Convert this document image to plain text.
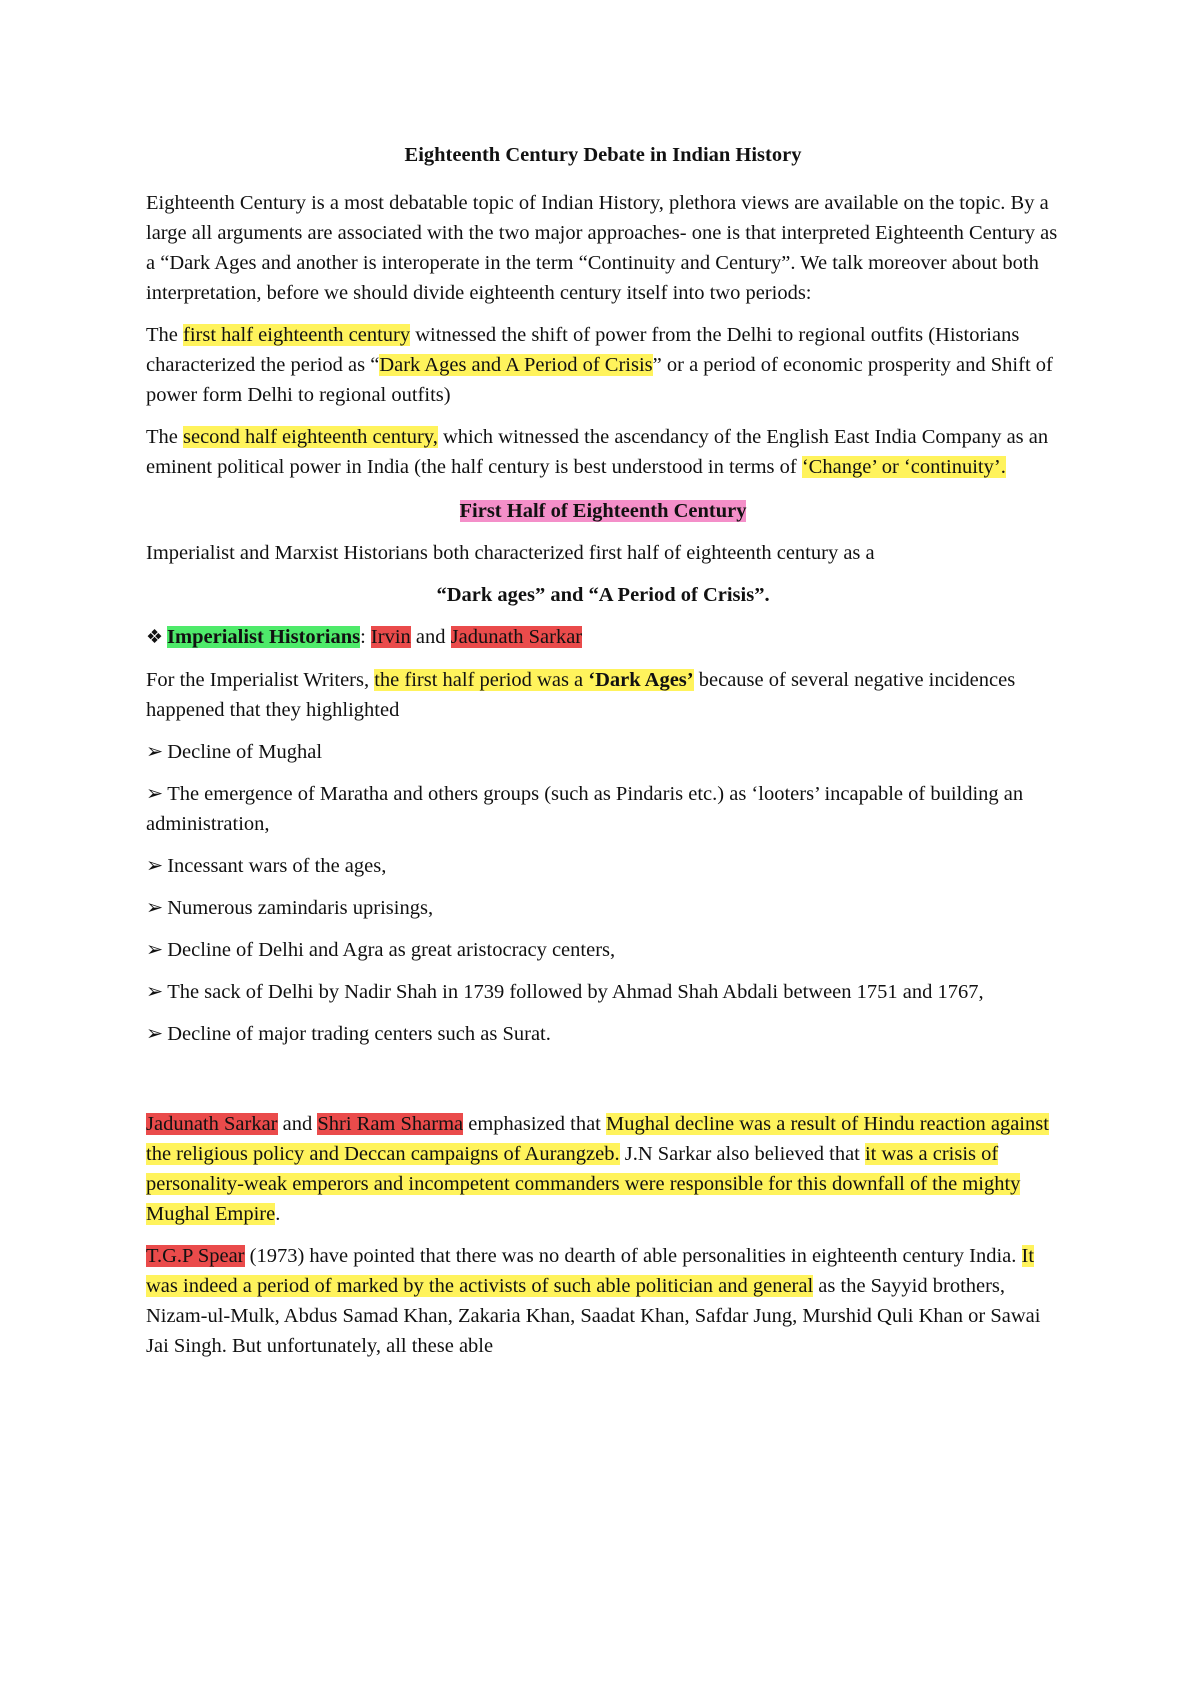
Eighteenth Century Debate in Indian History

Eighteenth Century is a most debatable topic of Indian History, plethora views are available on the topic. By a large all arguments are associated with the two major approaches- one is that interpreted Eighteenth Century as a “Dark Ages and another is interoperate in the term “Continuity and Century”. We talk moreover about both interpretation, before we should divide eighteenth century itself into two periods:

The first half eighteenth century witnessed the shift of power from the Delhi to regional outfits (Historians characterized the period as “Dark Ages and A Period of Crisis” or a period of economic prosperity and Shift of power form Delhi to regional outfits)

The second half eighteenth century, which witnessed the ascendancy of the English East India Company as an eminent political power in India (the half century is best understood in terms of ‘Change’ or ‘continuity’.

First Half of Eighteenth Century

Imperialist and Marxist Historians both characterized first half of eighteenth century as a

“Dark ages” and “A Period of Crisis”.

❖ Imperialist Historians: Irvin and Jadunath Sarkar

For the Imperialist Writers, the first half period was a ‘Dark Ages’ because of several negative incidences happened that they highlighted

➢ Decline of Mughal

➢ The emergence of Maratha and others groups (such as Pindaris etc.) as ‘looters’ incapable of building an administration,

➢ Incessant wars of the ages,

➢ Numerous zamindaris uprisings,

➢ Decline of Delhi and Agra as great aristocracy centers,

➢ The sack of Delhi by Nadir Shah in 1739 followed by Ahmad Shah Abdali between 1751 and 1767,

➢ Decline of major trading centers such as Surat.

Jadunath Sarkar and Shri Ram Sharma emphasized that Mughal decline was a result of Hindu reaction against the religious policy and Deccan campaigns of Aurangzeb. J.N Sarkar also believed that it was a crisis of personality-weak emperors and incompetent commanders were responsible for this downfall of the mighty Mughal Empire.

T.G.P Spear (1973) have pointed that there was no dearth of able personalities in eighteenth century India. It was indeed a period of marked by the activists of such able politician and general as the Sayyid brothers, Nizam-ul-Mulk, Abdus Samad Khan, Zakaria Khan, Saadat Khan, Safdar Jung, Murshid Quli Khan or Sawai Jai Singh. But unfortunately, all these able
